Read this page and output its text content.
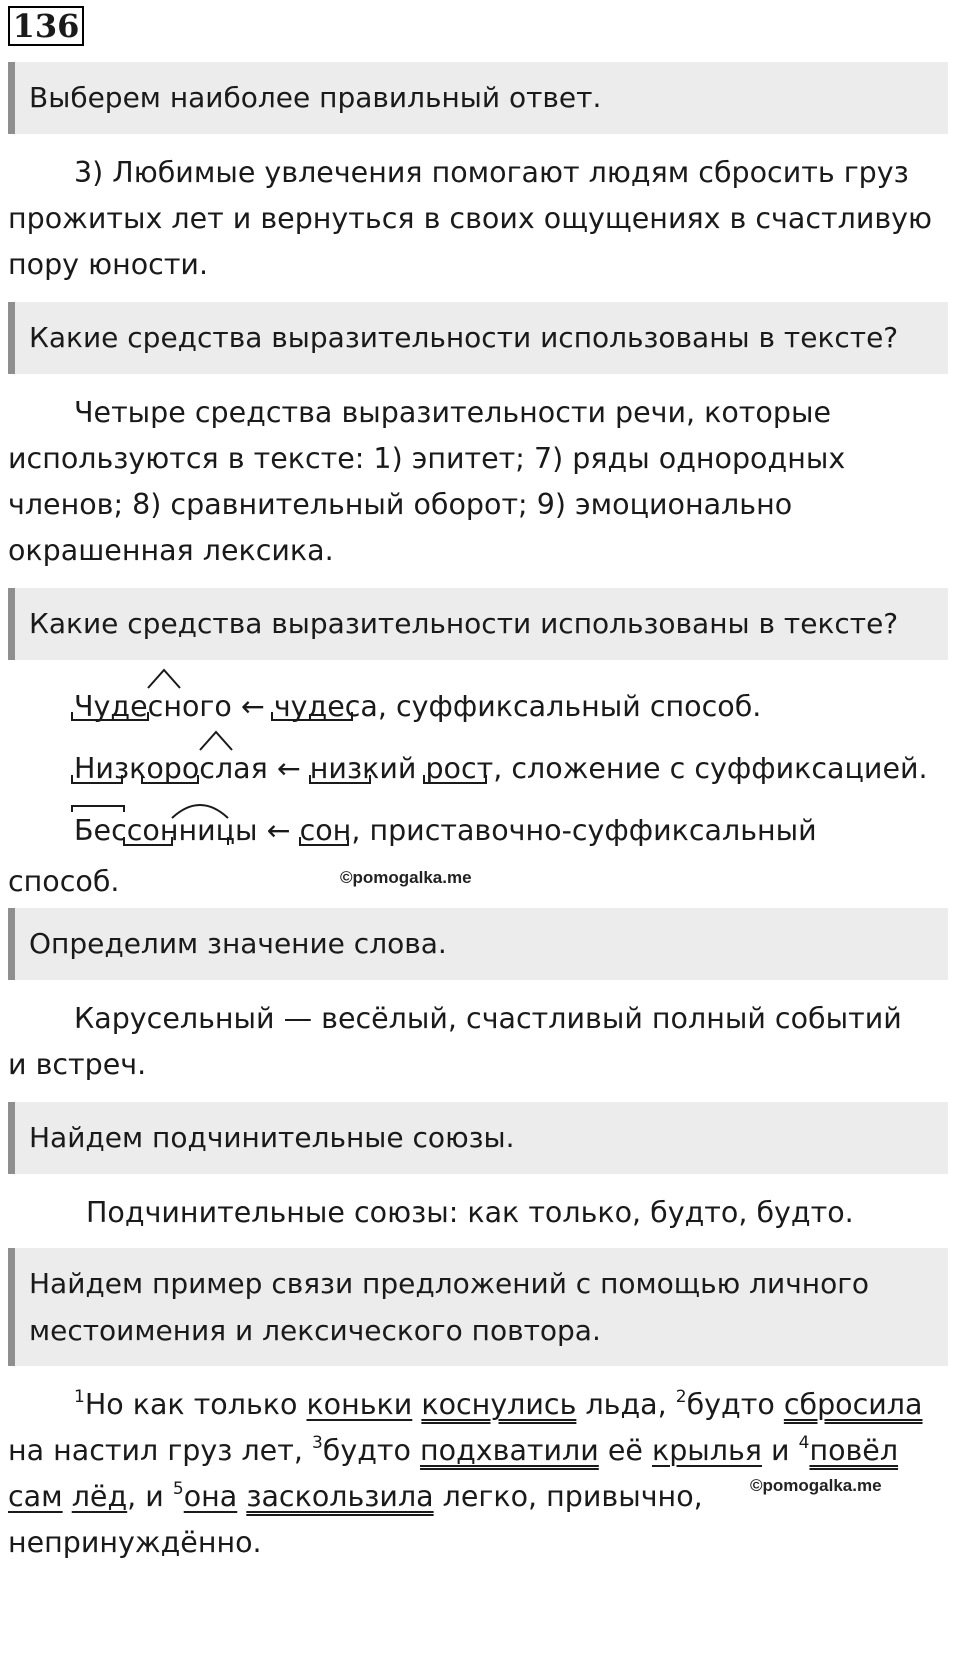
136
Выберем наиболее правильный ответ.
3) Любимые увлечения помогают людям сбросить груз
прожитых лет и вернуться в своих ощущениях в счастливую
пору юности.
Какие средства выразительности использованы в тексте?
Четыре средства выразительности речи, которые
используются в тексте: 1) эпитет; 7) ряды однородных
членов; 8) сравнительный оборот; 9) эмоционально
окрашенная лексика.
Какие средства выразительности использованы в тексте?
Чудесного ← чудеса, суффиксальный способ.
Низкорослая ← низкий рост, сложение с суффиксацией.
Бессонницы ← сон, приставочно-суффиксальный
способ.	©pomogalka.me
Определим значение слова.
Карусельный — весёлый, счастливый полный событий
и встреч.
Найдем подчинительные союзы.
Подчинительные союзы: как только, будто, будто.
Найдем пример связи предложений с помощью личного
местоимения и лексического повтора.
$^1$Но как только коньки коснулись льда, $^2$будто сбросила
на настил груз лет, $^3$будто подхватили её крылья и $^4$повёл
сам лёд, и $^5$она заскользила легко, привычно,
непринуждённо.
©pomogalka.me
